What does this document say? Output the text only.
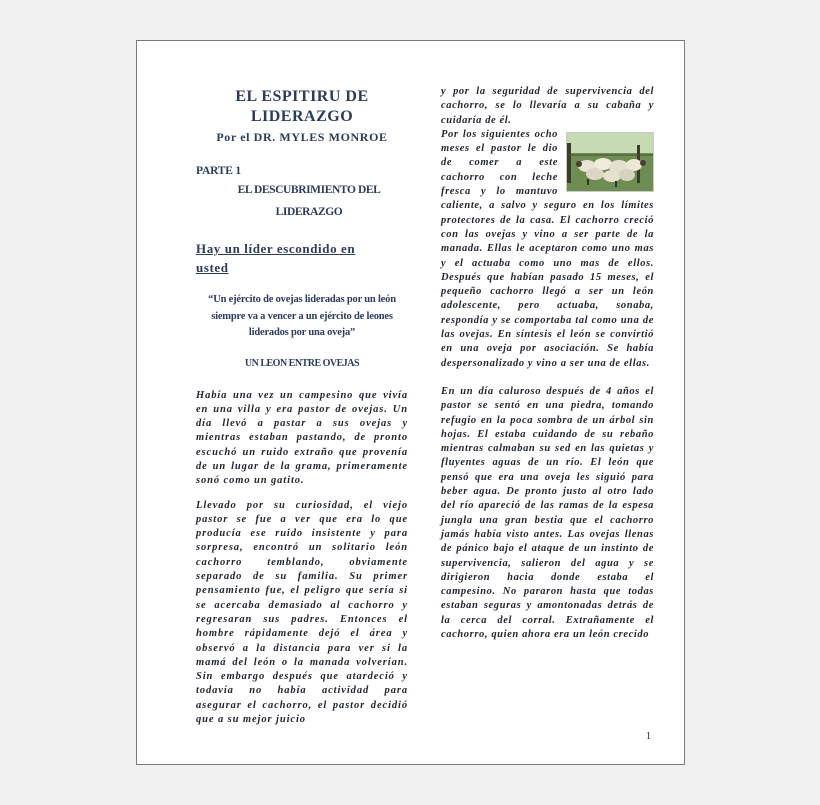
EL ESPITIRU DE
LIDERAZGO
Por el DR. MYLES MONROE
PARTE 1
EL DESCUBRIMIENTO DEL
LIDERAZGO
Hay un líder escondido en
usted
“Un ejército de ovejas lideradas por un león siempre va a vencer a un ejército de leones liderados por una oveja”
UN LEON ENTRE OVEJAS

Había una vez un campesino que vivía en una villa y era pastor de ovejas. Un día llevó a pastar a sus ovejas y mientras estaban pastando, de pronto escuchó un ruido extraño que provenía de un lugar de la grama, primeramente sonó como un gatito.

Llevado por su curiosidad, el viejo pastor se fue a ver que era lo que producía ese ruido insistente y para sorpresa, encontró un solitario león cachorro temblando, obviamente separado de su familia. Su primer pensamiento fue, el peligro que sería si se acercaba demasiado al cachorro y regresaran sus padres. Entonces el hombre rápidamente dejó el área y observó a la distancia para ver si la mamá del león o la manada volverían. Sin embargo después que atardeció y todavía no había actividad para asegurar el cachorro, el pastor decidió que a su mejor juicio

y por la seguridad de supervivencia del cachorro, se lo llevaría a su cabaña y cuidaría de él.

Por los siguientes ocho meses el pastor le dio de comer a este cachorro con leche fresca y lo mantuvo caliente, a salvo y seguro en los límites protectores de la casa. El cachorro creció con las ovejas y vino a ser parte de la manada. Ellas le aceptaron como uno mas y el actuaba como uno mas de ellos. Después que habían pasado 15 meses, el pequeño cachorro llegó a ser un león adolescente, pero actuaba, sonaba, respondía y se comportaba tal como una de las ovejas. En síntesis el león se convirtió en una oveja por asociación. Se había despersonalizado y vino a ser una de ellas.

En un día caluroso después de 4 años el pastor se sentó en una piedra, tomando refugio en la poca sombra de un árbol sin hojas. El estaba cuidando de su rebaño mientras calmaban su sed en las quietas y fluyentes aguas de un río. El león que pensó que era una oveja les siguió para beber agua. De pronto justo al otro lado del río apareció de las ramas de la espesa jungla una gran bestia que el cachorro jamás había visto antes. Las ovejas llenas de pánico bajo el ataque de un instinto de supervivencia, salieron del agua y se dirigieron hacia donde estaba el campesino. No pararon hasta que todas estaban seguras y amontonadas detrás de la cerca del corral. Extrañamente el cachorro, quien ahora era un león crecido

1
